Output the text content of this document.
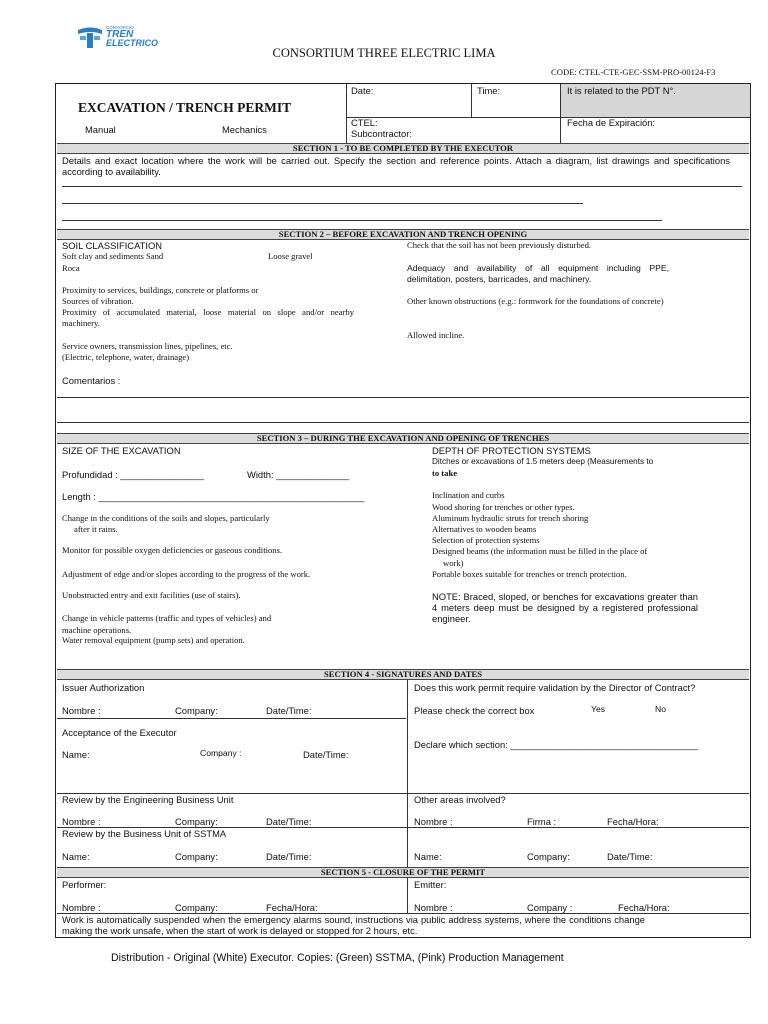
CONSORCIO
TREN
ELECTRICO
CONSORTIUM THREE ELECTRIC LIMA
CODE: CTEL-CTE-GEC-SSM-PRO-00124-F3
EXCAVATION / TRENCH PERMIT
Manual	Mechanics
Date:	Time:	It is related to the PDT N°.
CTEL:
Subcontractor:
Fecha de Expiración:
SECTION 1 - TO BE COMPLETED BY THE EXECUTOR
Details and exact location where the work will be carried out. Specify the section and reference points. Attach a diagram, list drawings and specifications according to availability.
SECTION 2 – BEFORE EXCAVATION AND TRENCH OPENING
SOIL CLASSIFICATION
Soft clay and sediments Sand	Loose gravel
Roca
Proximity to services, buildings, concrete or platforms or
Sources of vibration.
Proximity of accumulated material, loose material on slope and/or nearby machinery.
Service owners, transmission lines, pipelines, etc.
(Electric, telephone, water, drainage)
Comentarios :
Check that the soil has not been previously disturbed.
Adequacy and availability of all equipment including PPE, delimitation, posters, barricades, and machinery.
Other known obstructions (e.g.: formwork for the foundations of concrete)
Allowed incline.
SECTION 3 – DURING THE EXCAVATION AND OPENING OF TRENCHES
SIZE OF THE EXCAVATION
Profundidad : ________________	Width: ______________
Length : ___________________________________________________
Change in the conditions of the soils and slopes, particularly
after it rains.
Monitor for possible oxygen deficiencies or gaseous conditions.
Adjustment of edge and/or slopes according to the progress of the work.
Unobstructed entry and exit facilities (use of stairs).
Change in vehicle patterns (traffic and types of vehicles) and
machine operations.
Water removal equipment (pump sets) and operation.
DEPTH OF PROTECTION SYSTEMS
Ditches or excavations of 1.5 meters deep (Measurements to
to take
Inclination and curbs
Wood shoring for trenches or other types.
Aluminum hydraulic struts for trench shoring
Alternatives to wooden beams
Selection of protection systems
Designed beams (the information must be filled in the place of
work)
Portable boxes suitable for trenches or trench protection.
NOTE: Braced, sloped, or benches for excavations greater than 4 meters deep must be designed by a registered professional engineer.
SECTION 4 - SIGNATURES AND DATES
Issuer Authorization
Nombre :	Company:	Date/Time:
Acceptance of the Executor
Name:	Company :	Date/Time:
Does this work permit require validation by the Director of Contract?
Please check the correct box	Yes	No
Declare which section: ____________________________________
Review by the Engineering Business Unit
Nombre :	Company:	Date/Time:
Other areas involved?
Nombre :	Firma :	Fecha/Hora:
Review by the Business Unit of SSTMA
Name:	Company:	Date/Time:	Name:	Company:	Date/Time:
SECTION 5 - CLOSURE OF THE PERMIT
Performer:
Nombre :	Company:	Fecha/Hora:
Emitter:
Nombre :	Company :	Fecha/Hora:
Work is automatically suspended when the emergency alarms sound, instructions via public address systems, where the conditions change making the work unsafe, when the start of work is delayed or stopped for 2 hours, etc.
Distribution - Original (White) Executor. Copies: (Green) SSTMA, (Pink) Production Management
